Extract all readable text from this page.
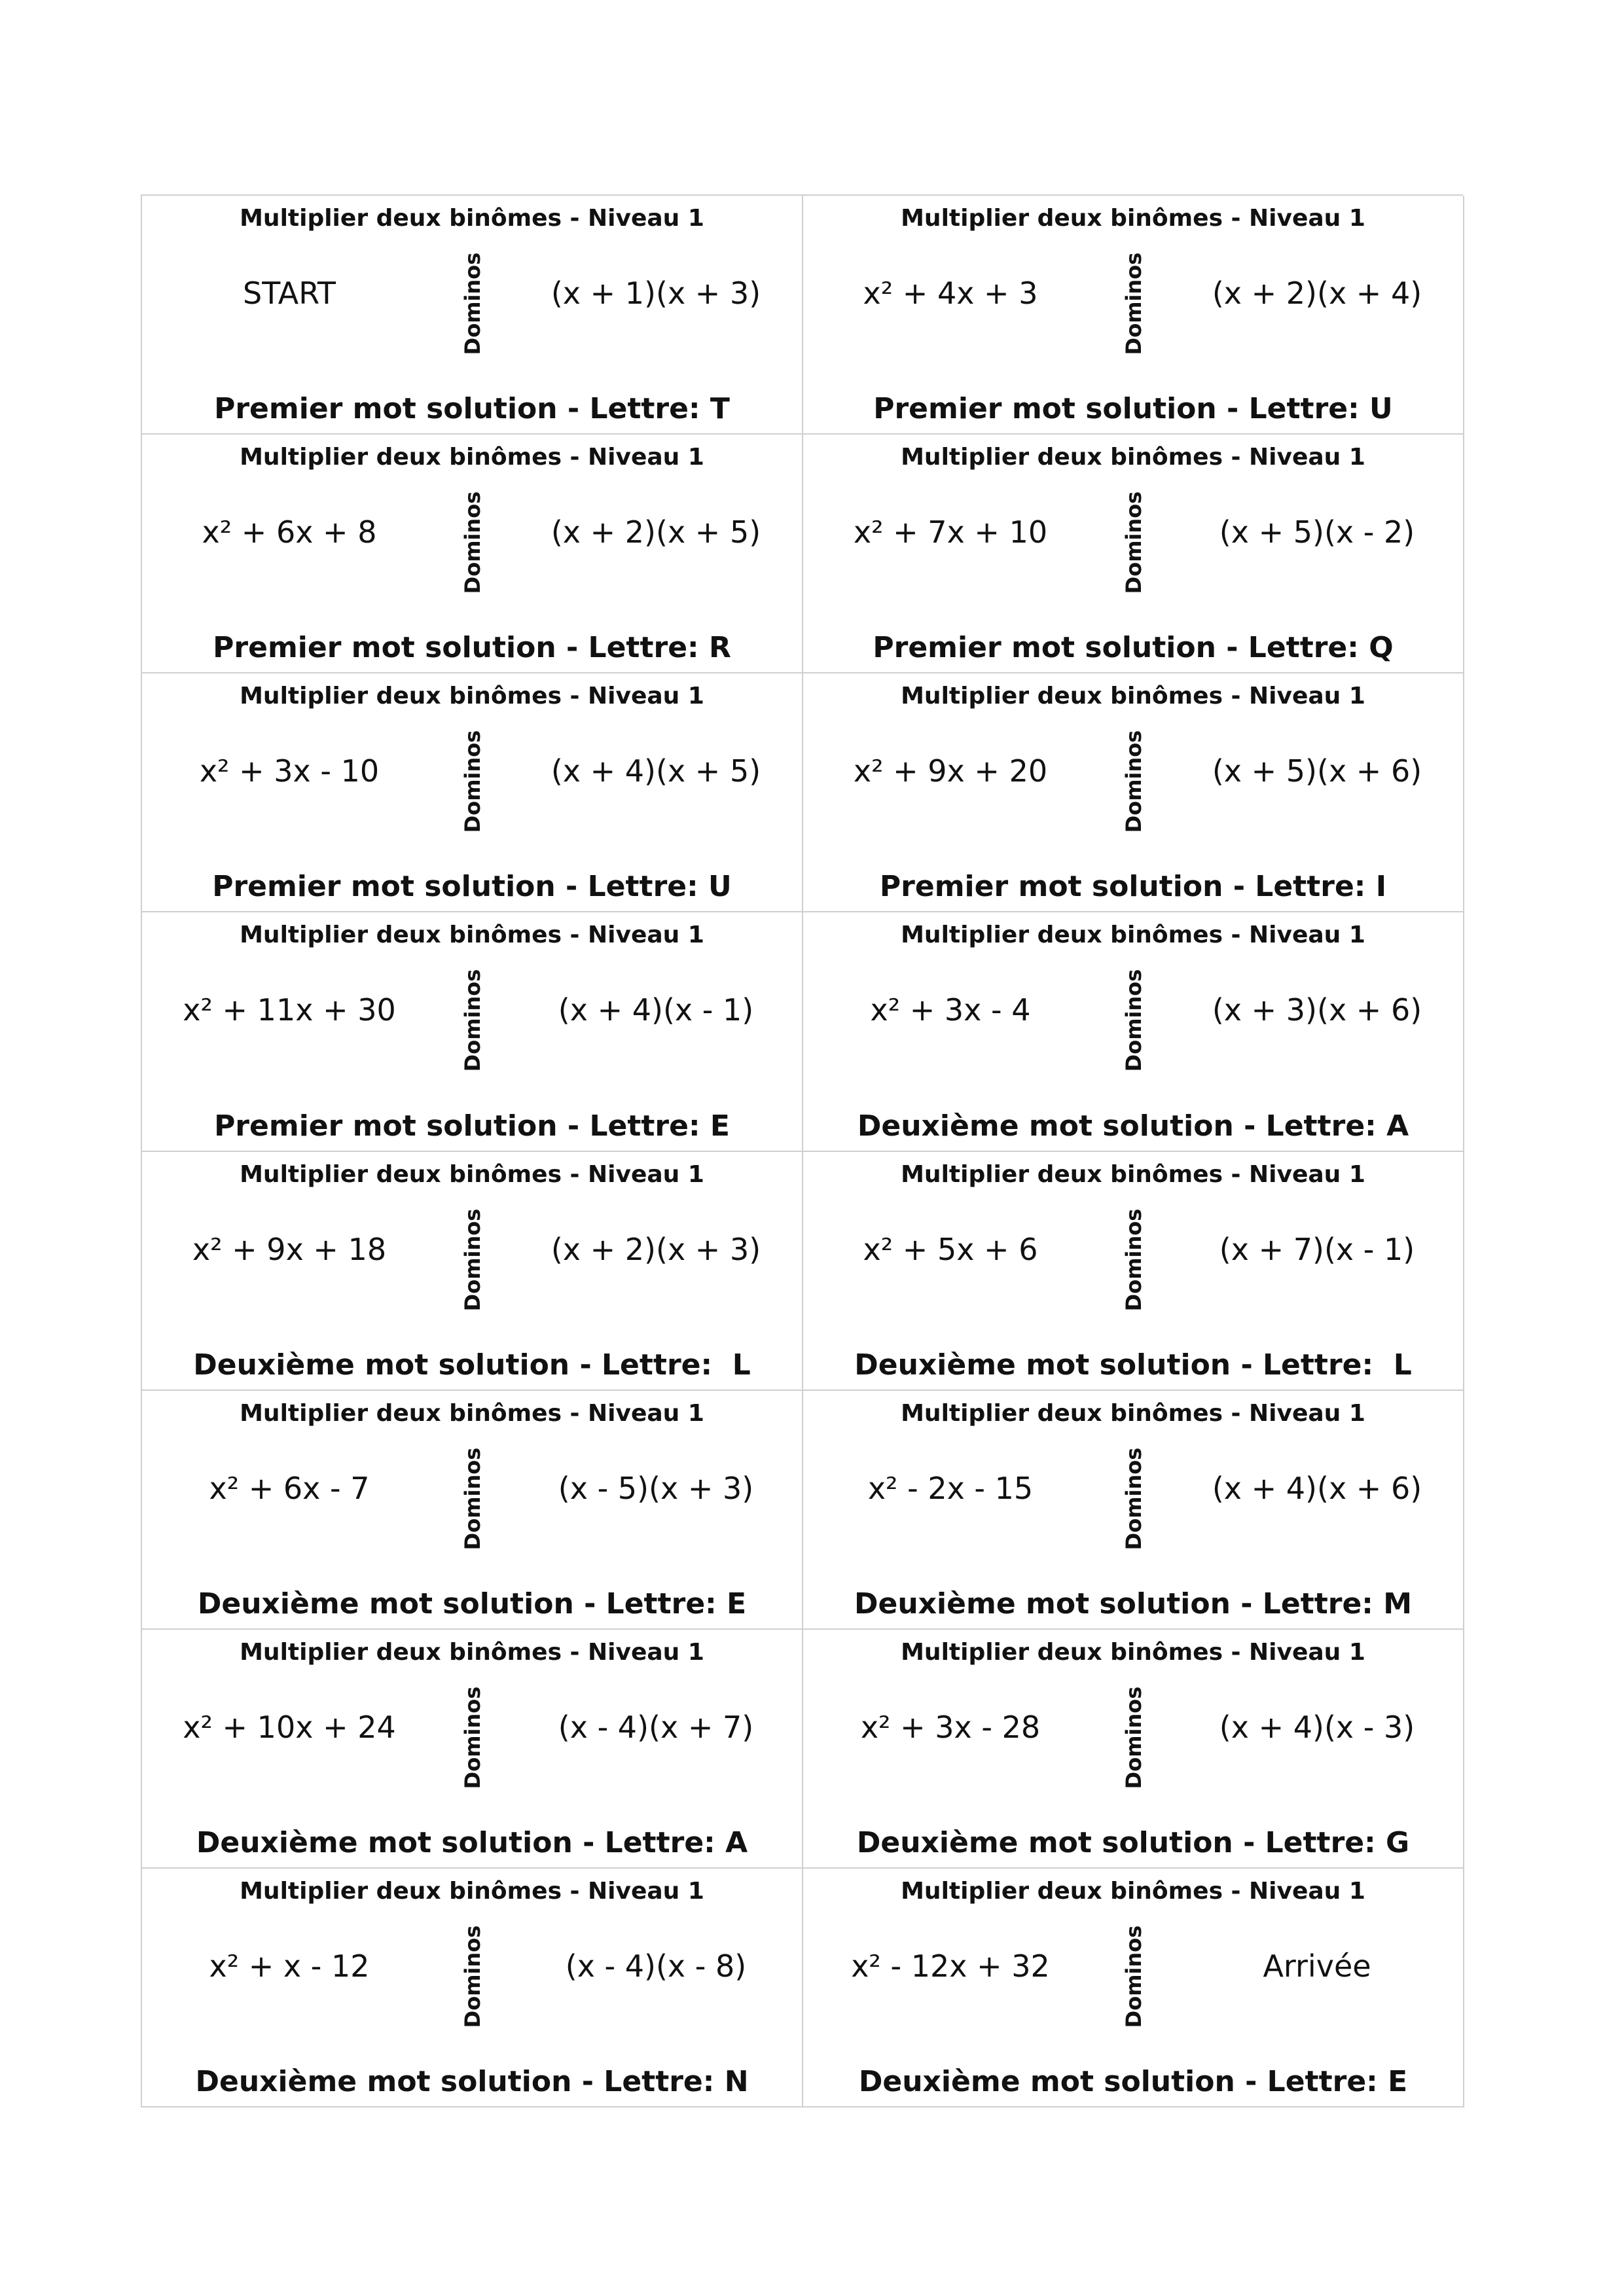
Multiplier deux binômes - Niveau 1
START	Dominos	(x + 1)(x + 3)
Premier mot solution - Lettre: T
Multiplier deux binômes - Niveau 1
x² + 4x + 3	Dominos	(x + 2)(x + 4)
Premier mot solution - Lettre: U
Multiplier deux binômes - Niveau 1
x² + 6x + 8	Dominos	(x + 2)(x + 5)
Premier mot solution - Lettre: R
Multiplier deux binômes - Niveau 1
x² + 7x + 10	Dominos	(x + 5)(x - 2)
Premier mot solution - Lettre: Q
Multiplier deux binômes - Niveau 1
x² + 3x - 10	Dominos	(x + 4)(x + 5)
Premier mot solution - Lettre: U
Multiplier deux binômes - Niveau 1
x² + 9x + 20	Dominos	(x + 5)(x + 6)
Premier mot solution - Lettre: I
Multiplier deux binômes - Niveau 1
x² + 11x + 30	Dominos	(x + 4)(x - 1)
Premier mot solution - Lettre: E
Multiplier deux binômes - Niveau 1
x² + 3x - 4	Dominos	(x + 3)(x + 6)
Deuxième mot solution - Lettre: A
Multiplier deux binômes - Niveau 1
x² + 9x + 18	Dominos	(x + 2)(x + 3)
Deuxième mot solution - Lettre:  L
Multiplier deux binômes - Niveau 1
x² + 5x + 6	Dominos	(x + 7)(x - 1)
Deuxième mot solution - Lettre:  L
Multiplier deux binômes - Niveau 1
x² + 6x - 7	Dominos	(x - 5)(x + 3)
Deuxième mot solution - Lettre: E
Multiplier deux binômes - Niveau 1
x² - 2x - 15	Dominos	(x + 4)(x + 6)
Deuxième mot solution - Lettre: M
Multiplier deux binômes - Niveau 1
x² + 10x + 24	Dominos	(x - 4)(x + 7)
Deuxième mot solution - Lettre: A
Multiplier deux binômes - Niveau 1
x² + 3x - 28	Dominos	(x + 4)(x - 3)
Deuxième mot solution - Lettre: G
Multiplier deux binômes - Niveau 1
x² + x - 12	Dominos	(x - 4)(x - 8)
Deuxième mot solution - Lettre: N
Multiplier deux binômes - Niveau 1
x² - 12x + 32	Dominos	Arrivée
Deuxième mot solution - Lettre: E
